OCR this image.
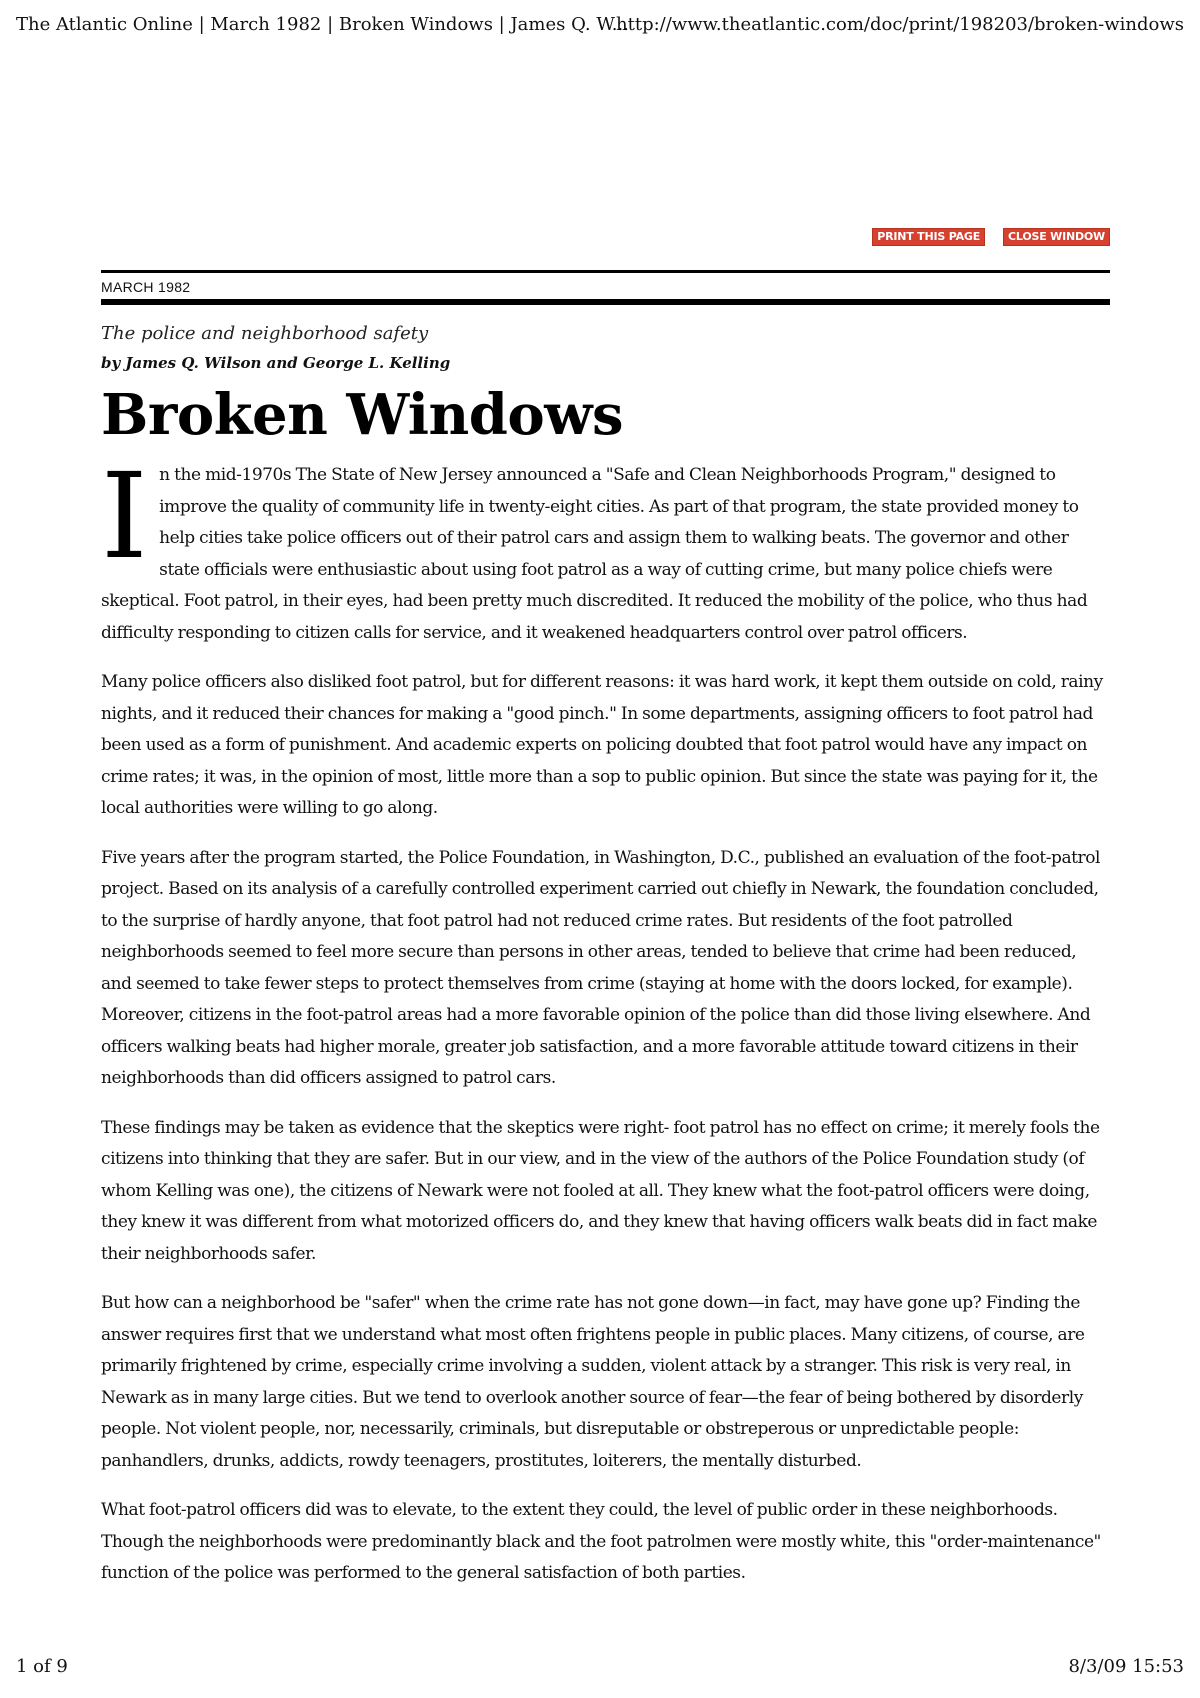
The Atlantic Online | March 1982 | Broken Windows | James Q. W...
http://www.theatlantic.com/doc/print/198203/broken-windows
PRINT THIS PAGE	CLOSE WINDOW
MARCH 1982
The police and neighborhood safety
by James Q. Wilson and George L. Kelling
Broken Windows

In the mid-1970s The State of New Jersey announced a "Safe and Clean Neighborhoods Program," designed to improve the quality of community life in twenty-eight cities. As part of that program, the state provided money to help cities take police officers out of their patrol cars and assign them to walking beats. The governor and other state officials were enthusiastic about using foot patrol as a way of cutting crime, but many police chiefs were skeptical. Foot patrol, in their eyes, had been pretty much discredited. It reduced the mobility of the police, who thus had difficulty responding to citizen calls for service, and it weakened headquarters control over patrol officers.

Many police officers also disliked foot patrol, but for different reasons: it was hard work, it kept them outside on cold, rainy nights, and it reduced their chances for making a "good pinch." In some departments, assigning officers to foot patrol had been used as a form of punishment. And academic experts on policing doubted that foot patrol would have any impact on crime rates; it was, in the opinion of most, little more than a sop to public opinion. But since the state was paying for it, the local authorities were willing to go along.

Five years after the program started, the Police Foundation, in Washington, D.C., published an evaluation of the foot-patrol project. Based on its analysis of a carefully controlled experiment carried out chiefly in Newark, the foundation concluded, to the surprise of hardly anyone, that foot patrol had not reduced crime rates. But residents of the foot patrolled neighborhoods seemed to feel more secure than persons in other areas, tended to believe that crime had been reduced, and seemed to take fewer steps to protect themselves from crime (staying at home with the doors locked, for example). Moreover, citizens in the foot-patrol areas had a more favorable opinion of the police than did those living elsewhere. And officers walking beats had higher morale, greater job satisfaction, and a more favorable attitude toward citizens in their neighborhoods than did officers assigned to patrol cars.

These findings may be taken as evidence that the skeptics were right- foot patrol has no effect on crime; it merely fools the citizens into thinking that they are safer. But in our view, and in the view of the authors of the Police Foundation study (of whom Kelling was one), the citizens of Newark were not fooled at all. They knew what the foot-patrol officers were doing, they knew it was different from what motorized officers do, and they knew that having officers walk beats did in fact make their neighborhoods safer.

But how can a neighborhood be "safer" when the crime rate has not gone down—in fact, may have gone up? Finding the answer requires first that we understand what most often frightens people in public places. Many citizens, of course, are primarily frightened by crime, especially crime involving a sudden, violent attack by a stranger. This risk is very real, in Newark as in many large cities. But we tend to overlook another source of fear—the fear of being bothered by disorderly people. Not violent people, nor, necessarily, criminals, but disreputable or obstreperous or unpredictable people: panhandlers, drunks, addicts, rowdy teenagers, prostitutes, loiterers, the mentally disturbed.

What foot-patrol officers did was to elevate, to the extent they could, the level of public order in these neighborhoods. Though the neighborhoods were predominantly black and the foot patrolmen were mostly white, this "order-maintenance" function of the police was performed to the general satisfaction of both parties.

1 of 9	8/3/09 15:53
